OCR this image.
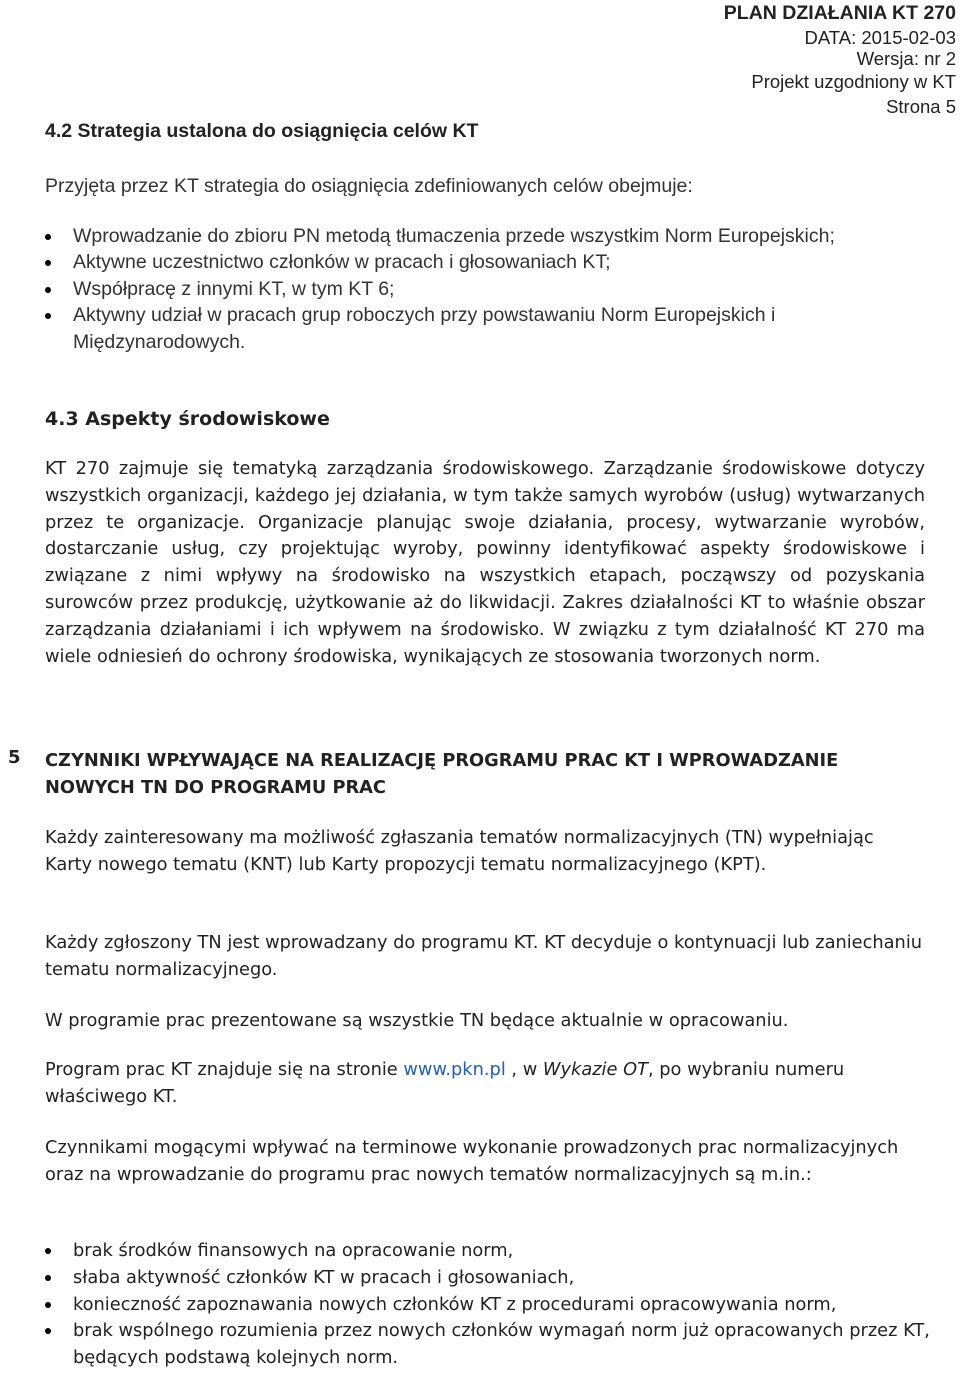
PLAN DZIAŁANIA KT 270
DATA: 2015-02-03
Wersja: nr 2
Projekt uzgodniony w KT
Strona 5
4.2 Strategia ustalona do osiągnięcia celów KT

Przyjęta przez KT strategia do osiągnięcia zdefiniowanych celów obejmuje:

Wprowadzanie do zbioru PN metodą tłumaczenia przede wszystkim Norm Europejskich;
Aktywne uczestnictwo członków w pracach i głosowaniach KT;
Współpracę z innymi KT, w tym KT 6;
Aktywny udział w pracach grup roboczych przy powstawaniu Norm Europejskich i Międzynarodowych.
4.3 Aspekty środowiskowe

KT 270 zajmuje się tematyką zarządzania środowiskowego. Zarządzanie środowiskowe dotyczy wszystkich organizacji, każdego jej działania, w tym także samych wyrobów (usług) wytwarzanych przez te organizacje. Organizacje planując swoje działania, procesy, wytwarzanie wyrobów, dostarczanie usług, czy projektując wyroby, powinny identyfikować aspekty środowiskowe i związane z nimi wpływy na środowisko na wszystkich etapach, począwszy od pozyskania surowców przez produkcję, użytkowanie aż do likwidacji. Zakres działalności KT to właśnie obszar zarządzania działaniami i ich wpływem na środowisko. W związku z tym działalność KT 270 ma wiele odniesień do ochrony środowiska, wynikających ze stosowania tworzonych norm.

5 CZYNNIKI WPŁYWAJĄCE NA REALIZACJĘ PROGRAMU PRAC KT I WPROWADZANIE NOWYCH TN DO PROGRAMU PRAC

Każdy zainteresowany ma możliwość zgłaszania tematów normalizacyjnych (TN) wypełniając Karty nowego tematu (KNT) lub Karty propozycji tematu normalizacyjnego (KPT).

Każdy zgłoszony TN jest wprowadzany do programu KT. KT decyduje o kontynuacji lub zaniechaniu tematu normalizacyjnego.

W programie prac prezentowane są wszystkie TN będące aktualnie w opracowaniu.

Program prac KT znajduje się na stronie www.pkn.pl , w Wykazie OT, po wybraniu numeru właściwego KT.

Czynnikami mogącymi wpływać na terminowe wykonanie prowadzonych prac normalizacyjnych oraz na wprowadzanie do programu prac nowych tematów normalizacyjnych są m.in.:

brak środków finansowych na opracowanie norm,
słaba aktywność członków KT w pracach i głosowaniach,
konieczność zapoznawania nowych członków KT z procedurami opracowywania norm,
brak wspólnego rozumienia przez nowych członków wymagań norm już opracowanych przez KT, będących podstawą kolejnych norm.
